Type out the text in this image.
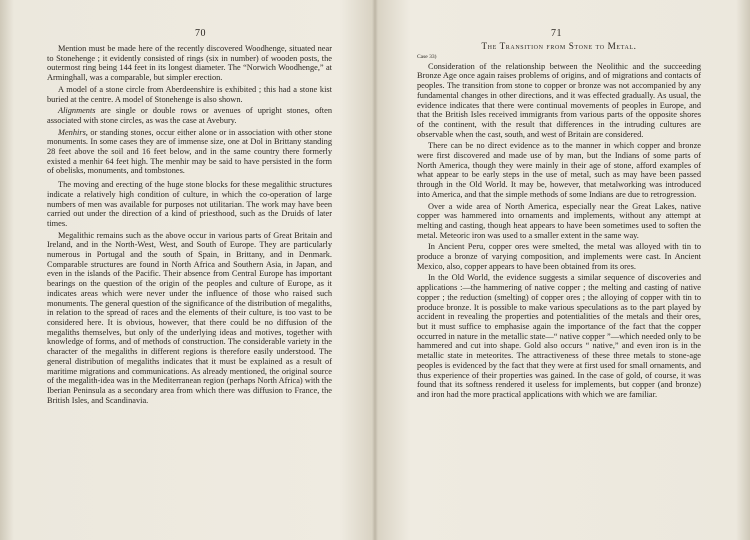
70

Mention must be made here of the recently discovered Woodhenge, situated near to Stonehenge ; it evidently consisted of rings (six in number) of wooden posts, the outermost ring being 144 feet in its longest diameter. The “Norwich Woodhenge,” at Arminghall, was a comparable, but simpler erection.

A model of a stone circle from Aberdeenshire is exhibited ; this had a stone kist buried at the centre. A model of Stonehenge is also shown.

Alignments are single or double rows or avenues of upright stones, often associated with stone circles, as was the case at Avebury.

Menhirs, or standing stones, occur either alone or in association with other stone monuments. In some cases they are of immense size, one at Dol in Brittany standing 28 feet above the soil and 16 feet below, and in the same country there formerly existed a menhir 64 feet high. The menhir may be said to have persisted in the form of obelisks, monuments, and tombstones.

The moving and erecting of the huge stone blocks for these megalithic structures indicate a relatively high condition of culture, in which the co-operation of large numbers of men was available for purposes not utilitarian. The work may have been carried out under the direction of a kind of priesthood, such as the Druids of later times.

Megalithic remains such as the above occur in various parts of Great Britain and Ireland, and in the North-West, West, and South of Europe. They are particularly numerous in Portugal and the south of Spain, in Brittany, and in Denmark. Comparable structures are found in North Africa and Southern Asia, in Japan, and even in the islands of the Pacific. Their absence from Central Europe has important bearings on the question of the origin of the peoples and culture of Europe, as it indicates areas which were never under the influence of those who raised such monuments. The general question of the significance of the distribution of megaliths, in relation to the spread of races and the elements of their culture, is too vast to be considered here. It is obvious, however, that there could be no diffusion of the megaliths themselves, but only of the underlying ideas and motives, together with knowledge of forms, and of methods of construction. The considerable variety in the character of the megaliths in different regions is therefore easily understood. The general distribution of megaliths indicates that it must be explained as a result of maritime migrations and communications. As already mentioned, the original source of the megalith-idea was in the Mediterranean region (perhaps North Africa) with the Iberian Peninsula as a secondary area from which there was diffusion to France, the British Isles, and Scandinavia.

71
The Transition from Stone to Metal.
Case 33)

Consideration of the relationship between the Neolithic and the succeeding Bronze Age once again raises problems of origins, and of migrations and contacts of peoples. The transition from stone to copper or bronze was not accompanied by any fundamental changes in other directions, and it was effected gradually. As usual, the evidence indicates that there were continual movements of peoples in Europe, and that the British Isles received immigrants from various parts of the opposite shores of the continent, with the result that differences in the intruding cultures are observable when the cast, south, and west of Britain are considered.

There can be no direct evidence as to the manner in which copper and bronze were first discovered and made use of by man, but the Indians of some parts of North America, though they were mainly in their age of stone, afford examples of what appear to be early steps in the use of metal, such as may have been passed through in the Old World. It may be, however, that metalworking was introduced into America, and that the simple methods of some Indians are due to retrogression.

Over a wide area of North America, especially near the Great Lakes, native copper was hammered into ornaments and implements, without any attempt at melting and casting, though heat appears to have been sometimes used to soften the metal. Meteoric iron was used to a smaller extent in the same way.

In Ancient Peru, copper ores were smelted, the metal was alloyed with tin to produce a bronze of varying composition, and implements were cast. In Ancient Mexico, also, copper appears to have been obtained from its ores.

In the Old World, the evidence suggests a similar sequence of discoveries and applications :—the hammering of native copper ; the melting and casting of native copper ; the reduction (smelting) of copper ores ; the alloying of copper with tin to produce bronze. It is possible to make various speculations as to the part played by accident in revealing the properties and potentialities of the metals and their ores, but it must suffice to emphasise again the importance of the fact that the copper occurred in nature in the metallic state—“ native copper ”—which needed only to be hammered and cut into shape. Gold also occurs “ native,” and even iron is in the metallic state in meteorites. The attractiveness of these three metals to stone-age peoples is evidenced by the fact that they were at first used for small ornaments, and thus experience of their properties was gained. In the case of gold, of course, it was found that its softness rendered it useless for implements, but copper (and bronze) and iron had the more practical applications with which we are familiar.
